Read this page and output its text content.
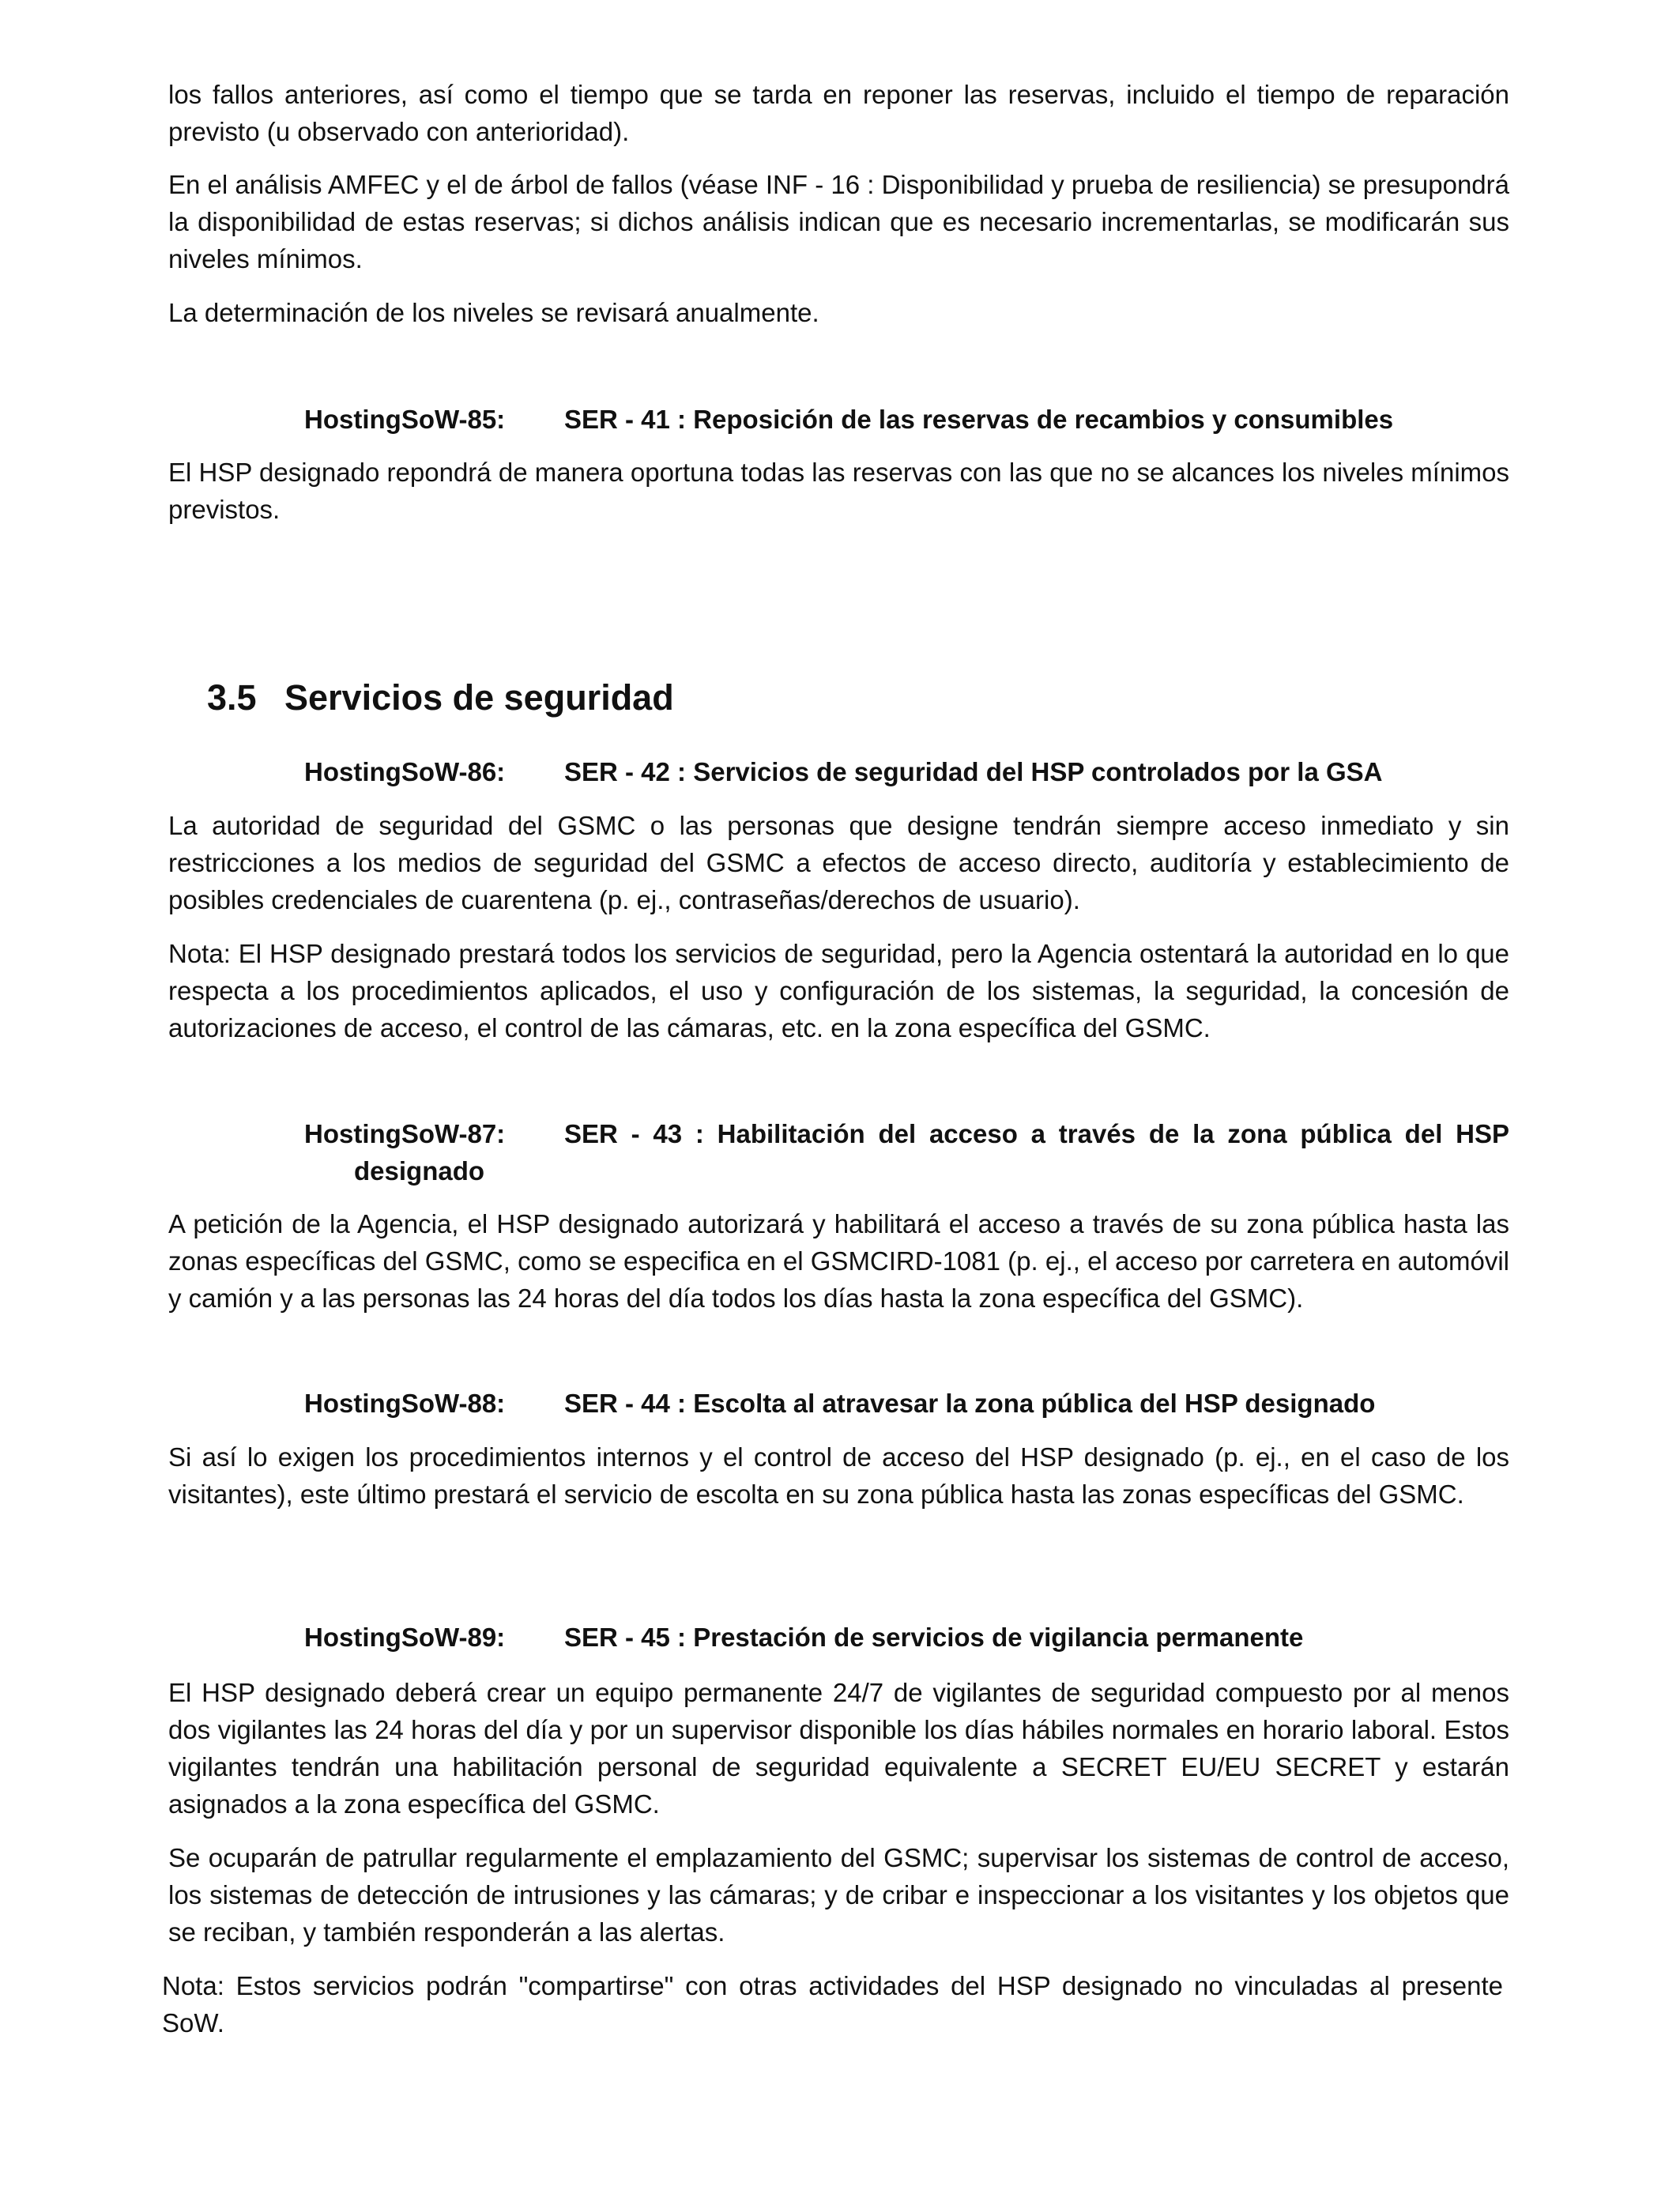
los fallos anteriores, así como el tiempo que se tarda en reponer las reservas, incluido el tiempo de reparación previsto (u observado con anterioridad).

En el análisis AMFEC y el de árbol de fallos (véase INF - 16 : Disponibilidad y prueba de resiliencia) se presupondrá la disponibilidad de estas reservas; si dichos análisis indican que es necesario incrementarlas, se modificarán sus niveles mínimos.

La determinación de los niveles se revisará anualmente.

HostingSoW-85: SER - 41 : Reposición de las reservas de recambios y consumibles

El HSP designado repondrá de manera oportuna todas las reservas con las que no se alcances los niveles mínimos previstos.

3.5 Servicios de seguridad
HostingSoW-86: SER - 42 : Servicios de seguridad del HSP controlados por la GSA

La autoridad de seguridad del GSMC o las personas que designe tendrán siempre acceso inmediato y sin restricciones a los medios de seguridad del GSMC a efectos de acceso directo, auditoría y establecimiento de posibles credenciales de cuarentena (p. ej., contraseñas/derechos de usuario).

Nota: El HSP designado prestará todos los servicios de seguridad, pero la Agencia ostentará la autoridad en lo que respecta a los procedimientos aplicados, el uso y configuración de los sistemas, la seguridad, la concesión de autorizaciones de acceso, el control de las cámaras, etc. en la zona específica del GSMC.

HostingSoW-87:	SER - 43 : Habilitación del acceso a través de la zona pública del HSP
designado

A petición de la Agencia, el HSP designado autorizará y habilitará el acceso a través de su zona pública hasta las zonas específicas del GSMC, como se especifica en el GSMCIRD-1081 (p. ej., el acceso por carretera en automóvil y camión y a las personas las 24 horas del día todos los días hasta la zona específica del GSMC).

HostingSoW-88: SER - 44 : Escolta al atravesar la zona pública del HSP designado

Si así lo exigen los procedimientos internos y el control de acceso del HSP designado (p. ej., en el caso de los visitantes), este último prestará el servicio de escolta en su zona pública hasta las zonas específicas del GSMC.

HostingSoW-89: SER - 45 : Prestación de servicios de vigilancia permanente

El HSP designado deberá crear un equipo permanente 24/7 de vigilantes de seguridad compuesto por al menos dos vigilantes las 24 horas del día y por un supervisor disponible los días hábiles normales en horario laboral. Estos vigilantes tendrán una habilitación personal de seguridad equivalente a SECRET EU/EU SECRET y estarán asignados a la zona específica del GSMC.

Se ocuparán de patrullar regularmente el emplazamiento del GSMC; supervisar los sistemas de control de acceso, los sistemas de detección de intrusiones y las cámaras; y de cribar e inspeccionar a los visitantes y los objetos que se reciban, y también responderán a las alertas.

Nota: Estos servicios podrán "compartirse" con otras actividades del HSP designado no vinculadas al presente SoW.
